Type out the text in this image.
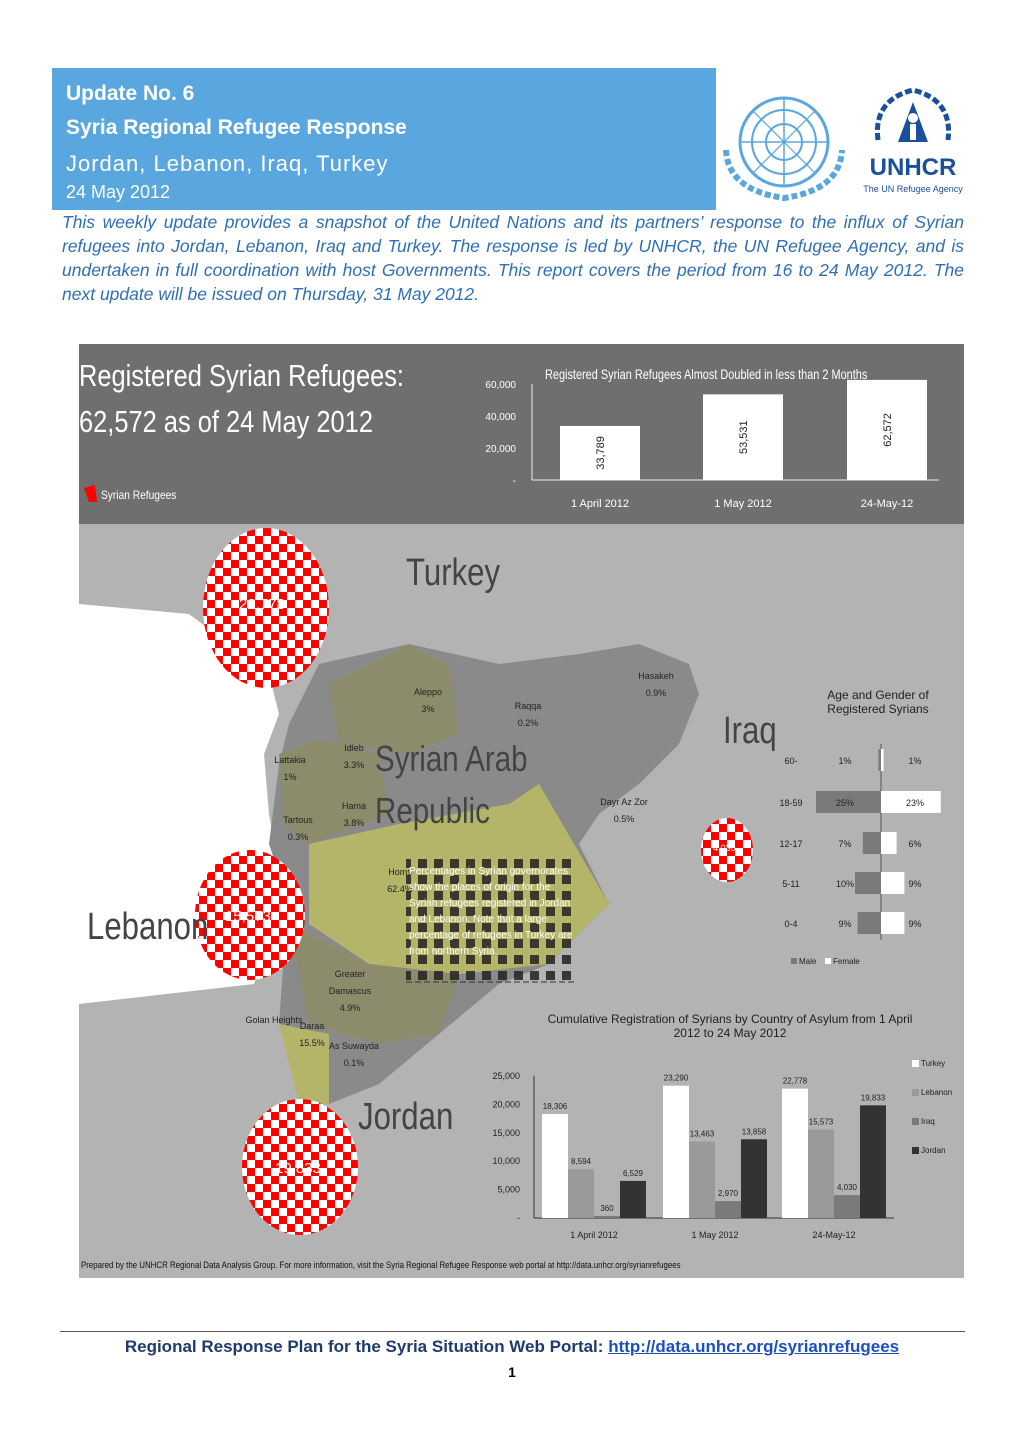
Update No. 6
Syria Regional Refugee Response
Jordan, Lebanon, Iraq, Turkey
24 May 2012
UNHCR
The UN Refugee Agency
This weekly update provides a snapshot of the United Nations and its partners’ response to the influx of Syrian refugees into Jordan, Lebanon, Iraq and Turkey. The response is led by UNHCR, the UN Refugee Agency, and is undertaken in full coordination with host Governments. This report covers the period from 16 to 24 May 2012. The next update will be issued on Thursday, 31 May 2012.
60,000
40,000
20,000
-
33,789
1 April 2012
53,531
1 May 2012
62,572
24-May-12
60-	1%	1%
18-59	25%	23%
12-17	7%	6%
5-11	10%	9%
0-4	9%	9%
Male Female
25,000
20,000
15,000
10,000
5,000
-
18,306
8,594
360
6,529
1 April 2012
23,290
13,463
2,970
13,858
1 May 2012
22,778
15,573
4,030
19,833
24-May-12
Turkey
Lebanon
Iraq
Jordan
Registered Syrian Refugees:
62,572 as of 24 May 2012
Syrian Refugees
Registered Syrian Refugees Almost Doubled in less than 2 Months
Turkey
Iraq
Lebanon
Jordan
Syrian Arab
Republic
22,778
19,833
15,573
4,030
Aleppo
3%	Raqqa
0.2%
Hasakeh
0.9%
Idleb
3.3%
Lattakia
1%
Hama
3.8%
Tartous
0.3%
Dayr Az Zor
0.5%
Homs
62.4%
Greater Damascus
4.9%
Golan Heights
Daraa
15.5% As Suwayda
0.1%
Percentages in Syrian governorates show the places of origin for the Syrian refugees registered in Jordan and Lebanon. Note that a large percentage of refugees in Turkey are from northern Syria.
Age and Gender of Registered Syrians
Cumulative Registration of Syrians by Country of Asylum from 1 April 2012 to 24 May 2012
Prepared by the UNHCR Regional Data Analysis Group. For more information, visit the Syria Regional Refugee Response web portal at http://data.unhcr.org/syrianrefugees
Regional Response Plan for the Syria Situation Web Portal: http://data.unhcr.org/syrianrefugees
1
